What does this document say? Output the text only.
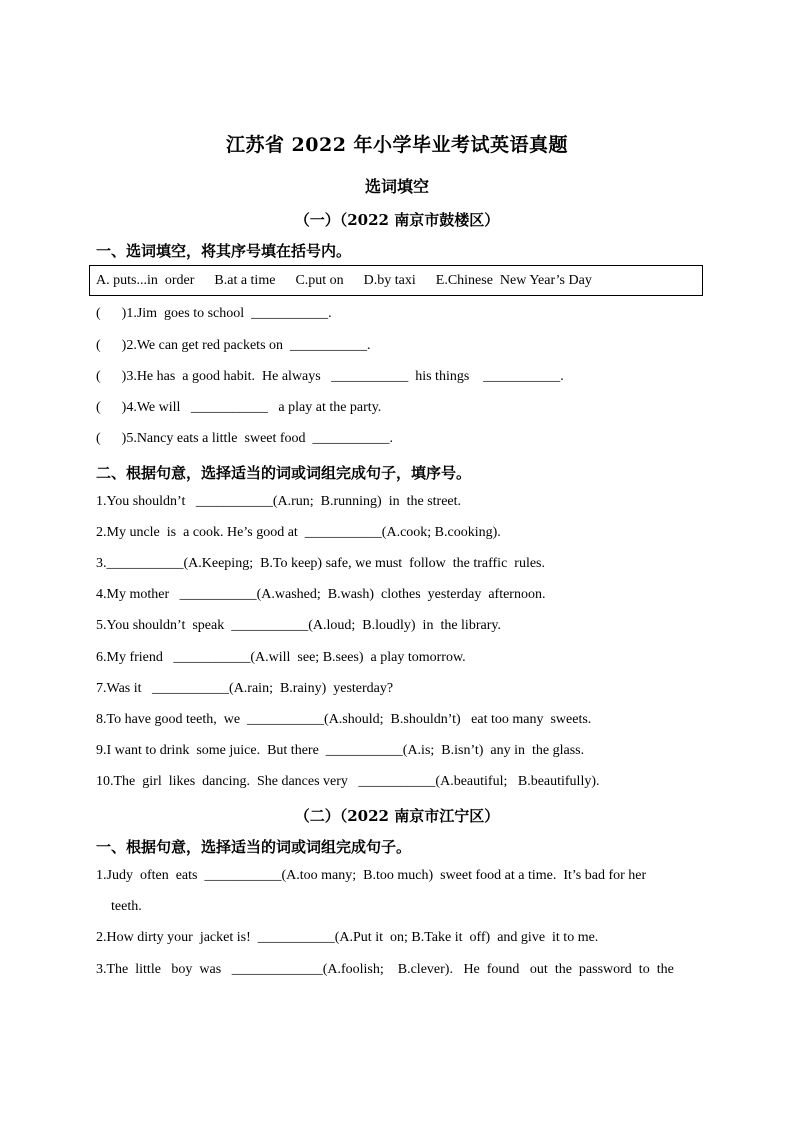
江苏省 2022 年小学毕业考试英语真题
选词填空
（一）（2022 南京市鼓楼区）
一、选词填空，将其序号填在括号内。
A. puts...in  order B.at a time C.put on D.by taxi E.Chinese  New Year’s Day
(      )1.Jim  goes to school  ___________.
(      )2.We can get red packets on  ___________.
(      )3.He has  a good habit.  He always   ___________  his things    ___________.
(      )4.We will   ___________   a play at the party.
(      )5.Nancy eats a little  sweet food  ___________.
二、根据句意，选择适当的词或词组完成句子，填序号。
1.You shouldn’t   ___________(A.run;  B.running)  in  the street.
2.My uncle  is  a cook. He’s good at  ___________(A.cook; B.cooking).
3.___________(A.Keeping;  B.To keep) safe, we must  follow  the traffic  rules.
4.My mother   ___________(A.washed;  B.wash)  clothes  yesterday  afternoon.
5.You shouldn’t  speak  ___________(A.loud;  B.loudly)  in  the library.
6.My friend   ___________(A.will  see; B.sees)  a play tomorrow.
7.Was it   ___________(A.rain;  B.rainy)  yesterday?
8.To have good teeth,  we  ___________(A.should;  B.shouldn’t)   eat too many  sweets.
9.I want to drink  some juice.  But there  ___________(A.is;  B.isn’t)  any in  the glass.
10.The  girl  likes  dancing.  She dances very   ___________(A.beautiful;   B.beautifully).
（二）（2022 南京市江宁区）
一、根据句意，选择适当的词或词组完成句子。
1.Judy  often  eats  ___________(A.too many;  B.too much)  sweet food at a time.  It’s bad for her
teeth.
2.How dirty your  jacket is!  ___________(A.Put it  on; B.Take it  off)  and give  it to me.
3.The  little   boy  was   _____________(A.foolish;    B.clever).   He  found   out  the  password  to  the
